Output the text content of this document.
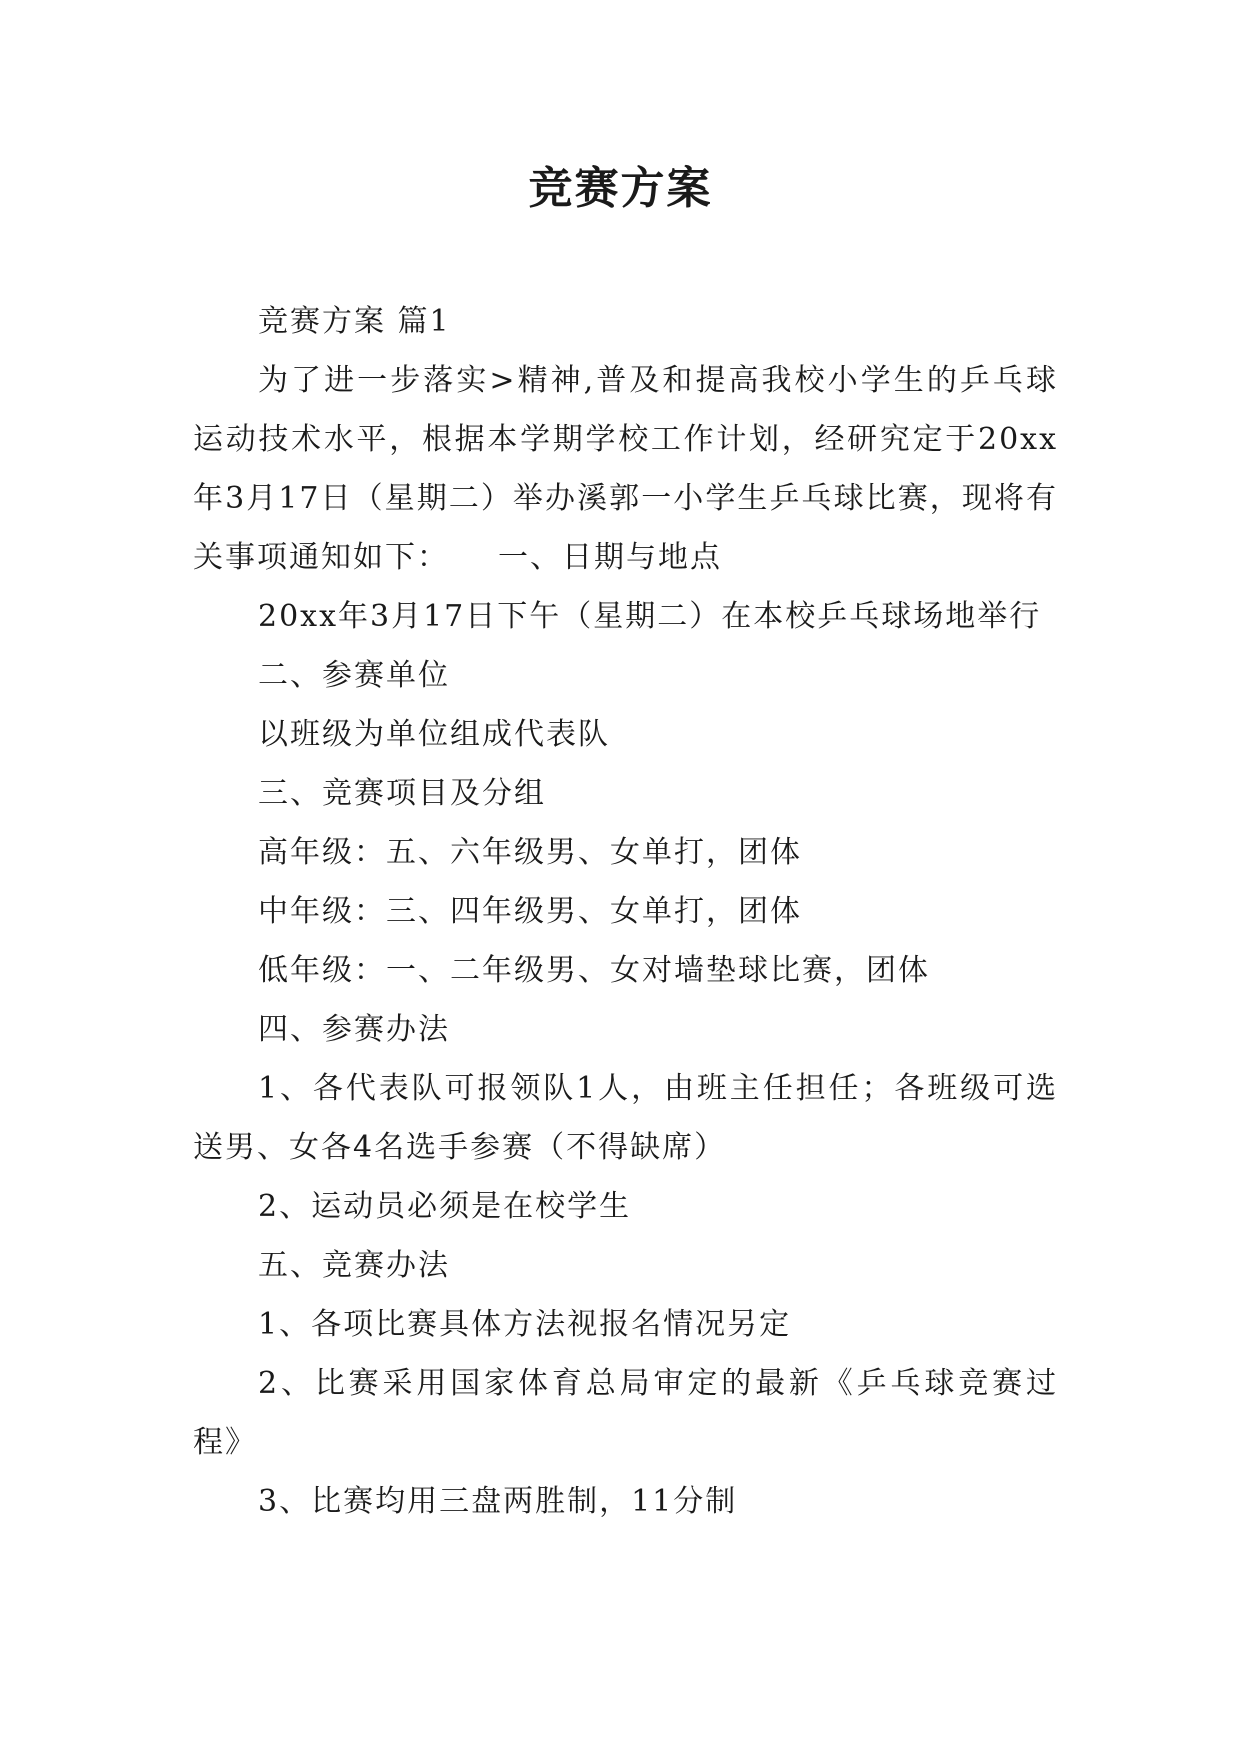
竞赛方案

竞赛方案 篇1

为了进一步落实>精神,普及和提高我校小学生的乒乓球运动技术水平，根据本学期学校工作计划，经研究定于20xx年3月17日（星期二）举办溪郭一小学生乒乓球比赛，现将有关事项通知如下：　　一、日期与地点

20xx年3月17日下午（星期二）在本校乒乓球场地举行

二、参赛单位

以班级为单位组成代表队

三、竞赛项目及分组

高年级：五、六年级男、女单打，团体

中年级：三、四年级男、女单打，团体

低年级：一、二年级男、女对墙垫球比赛，团体

四、参赛办法

1、各代表队可报领队1人，由班主任担任；各班级可选送男、女各4名选手参赛（不得缺席）

2、运动员必须是在校学生

五、竞赛办法

1、各项比赛具体方法视报名情况另定

2、比赛采用国家体育总局审定的最新《乒乓球竞赛过程》

3、比赛均用三盘两胜制，11分制
